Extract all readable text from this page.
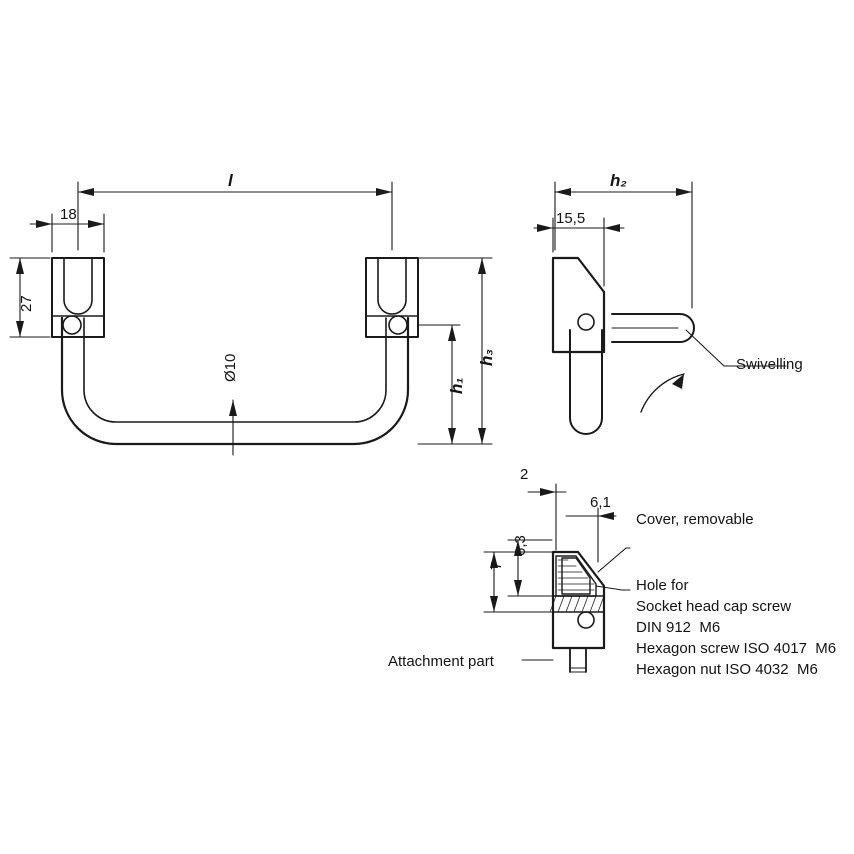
l
18
27
Ø10
h₁
h₃
h₂
15,5
Swivelling
2
6,1
6,3
7
Cover, removable
Hole for
Socket head cap screw
DIN 912  M6
Hexagon screw ISO 4017  M6
Hexagon nut ISO 4032  M6
Attachment part
